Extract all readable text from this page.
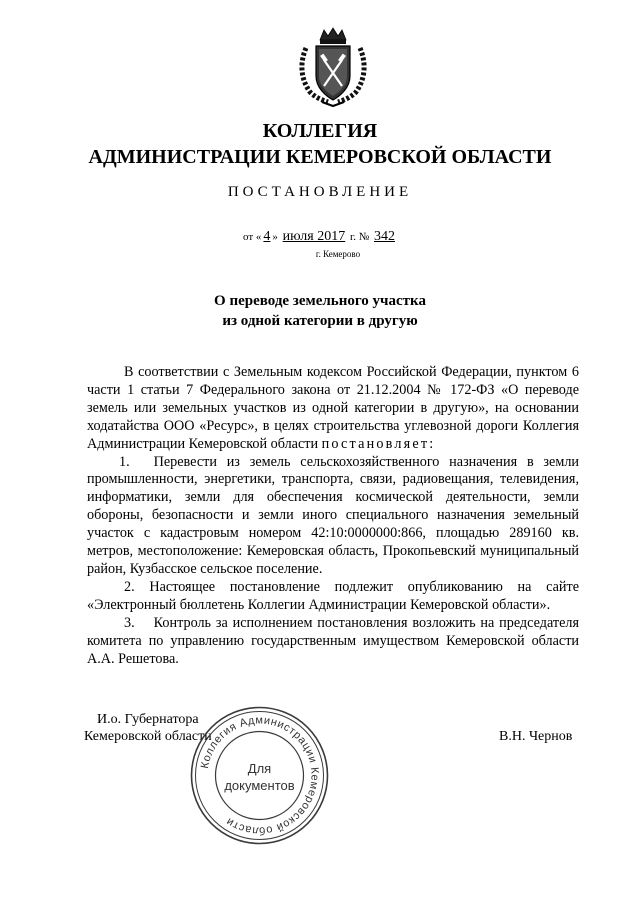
КОЛЛЕГИЯ
АДМИНИСТРАЦИИ КЕМЕРОВСКОЙ ОБЛАСТИ
ПОСТАНОВЛЕНИЕ
от « 4 » июля 2017 г. № 342
г. Кемерово
О переводе земельного участка
из одной категории в другую

В соответствии с Земельным кодексом Российской Федерации, пунктом 6 части 1 статьи 7 Федерального закона от 21.12.2004 № 172-ФЗ «О переводе земель или земельных участков из одной категории в другую», на основании ходатайства ООО «Ресурс», в целях строительства углевозной дороги Коллегия Администрации Кемеровской области постановляет:

1.  Перевести из земель сельскохозяйственного назначения в земли промышленности, энергетики, транспорта, связи, радиовещания, телевидения, информатики, земли для обеспечения космической деятельности, земли обороны, безопасности и земли иного специального назначения земельный участок с кадастровым номером 42:10:0000000:866, площадью 289160 кв. метров, местоположение: Кемеровская область, Прокопьевский муниципальный район, Кузбасское сельское поселение.

2. Настоящее постановление подлежит опубликованию на сайте «Электронный бюллетень Коллегии Администрации Кемеровской области».

3.  Контроль за исполнением постановления возложить на председателя комитета по управлению государственным имуществом Кемеровской области А.А. Решетова.

И.о. Губернатора
Кемеровской области	В.Н. Чернов
Коллегия Администрации Кемеровской области
Для
документов
